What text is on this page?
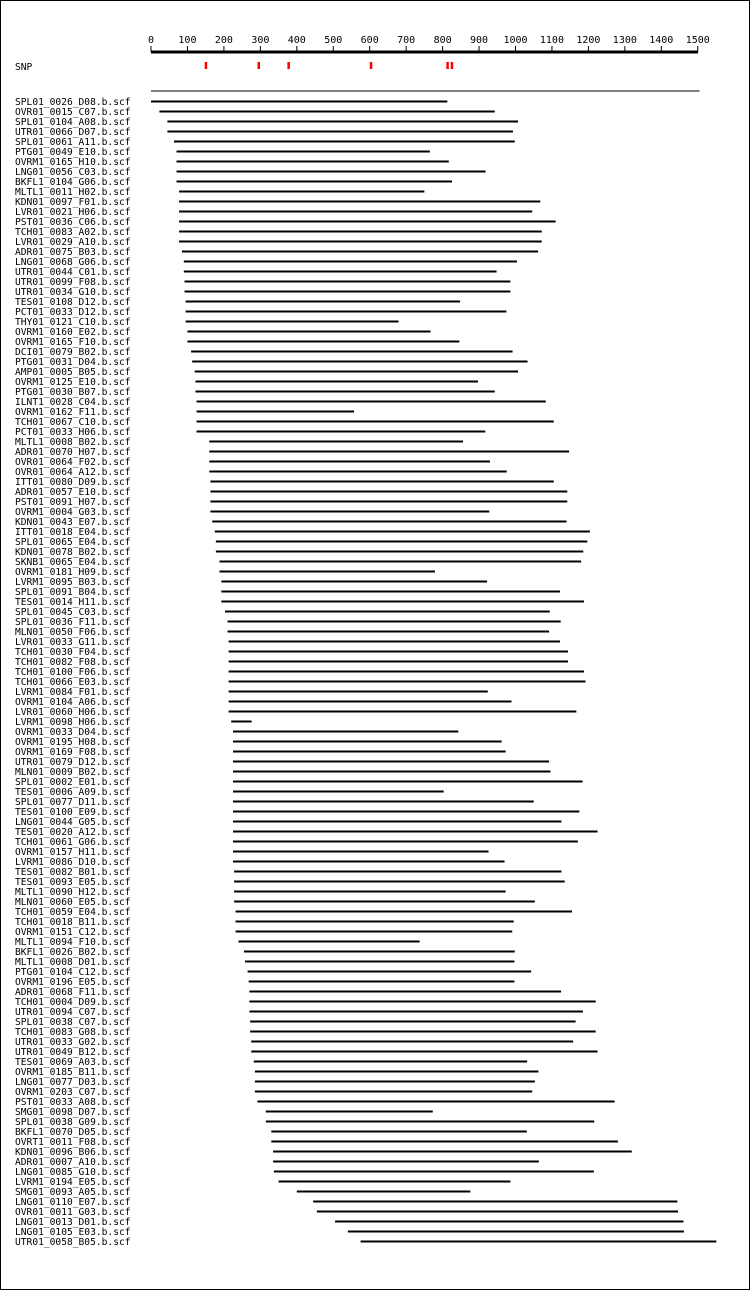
0 100 200 300 400 500 600 700 800 900 1000 1100 1200 1300 1400 1500
SNP
SPL01_0026_D08.b.scf
OVR01_0015_C07.b.scf
SPL01_0104_A08.b.scf
UTR01_0066_D07.b.scf
SPL01_0061_A11.b.scf
PTG01_0049_E10.b.scf
OVRM1_0165_H10.b.scf
LNG01_0056_C03.b.scf
BKFL1_0104_G06.b.scf
MLTL1_0011_H02.b.scf
KDN01_0097_F01.b.scf
LVR01_0021_H06.b.scf
PST01_0036_C06.b.scf
TCH01_0083_A02.b.scf
LVR01_0029_A10.b.scf
ADR01_0075_B03.b.scf
LNG01_0068_G06.b.scf
UTR01_0044_C01.b.scf
UTR01_0099_F08.b.scf
UTR01_0034_G10.b.scf
TES01_0108_D12.b.scf
PCT01_0033_D12.b.scf
THY01_0121_C10.b.scf
OVRM1_0160_E02.b.scf
OVRM1_0165_F10.b.scf
DCI01_0079_B02.b.scf
PTG01_0031_D04.b.scf
AMP01_0005_B05.b.scf
OVRM1_0125_E10.b.scf
PTG01_0030_B07.b.scf
ILNT1_0028_C04.b.scf
OVRM1_0162_F11.b.scf
TCH01_0067_C10.b.scf
PCT01_0033_H06.b.scf
MLTL1_0008_B02.b.scf
ADR01_0070_H07.b.scf
OVR01_0064_F02.b.scf
OVR01_0064_A12.b.scf
ITT01_0080_D09.b.scf
ADR01_0057_E10.b.scf
PST01_0091_H07.b.scf
OVRM1_0004_G03.b.scf
KDN01_0043_E07.b.scf
ITT01_0018_E04.b.scf
SPL01_0065_E04.b.scf
KDN01_0078_B02.b.scf
SKNB1_0065_E04.b.scf
OVRM1_0181_H09.b.scf
LVRM1_0095_B03.b.scf
SPL01_0091_B04.b.scf
TES01_0014_H11.b.scf
SPL01_0045_C03.b.scf
SPL01_0036_F11.b.scf
MLN01_0050_F06.b.scf
LVR01_0033_G11.b.scf
TCH01_0030_F04.b.scf
TCH01_0082_F08.b.scf
TCH01_0100_F06.b.scf
TCH01_0066_E03.b.scf
LVRM1_0084_F01.b.scf
OVRM1_0104_A06.b.scf
LVR01_0060_H06.b.scf
LVRM1_0098_H06.b.scf
OVRM1_0033_D04.b.scf
OVRM1_0195_H08.b.scf
OVRM1_0169_F08.b.scf
UTR01_0079_D12.b.scf
MLN01_0009_B02.b.scf
SPL01_0002_E01.b.scf
TES01_0006_A09.b.scf
SPL01_0077_D11.b.scf
TES01_0100_E09.b.scf
LNG01_0044_G05.b.scf
TES01_0020_A12.b.scf
TCH01_0061_G06.b.scf
OVRM1_0157_H11.b.scf
LVRM1_0086_D10.b.scf
TES01_0082_B01.b.scf
TES01_0093_E05.b.scf
MLTL1_0090_H12.b.scf
MLN01_0060_E05.b.scf
TCH01_0059_E04.b.scf
TCH01_0018_B11.b.scf
OVRM1_0151_C12.b.scf
MLTL1_0094_F10.b.scf
BKFL1_0026_B02.b.scf
MLTL1_0008_D01.b.scf
PTG01_0104_C12.b.scf
OVRM1_0196_E05.b.scf
ADR01_0068_F11.b.scf
TCH01_0004_D09.b.scf
UTR01_0094_C07.b.scf
SPL01_0038_C07.b.scf
TCH01_0083_G08.b.scf
UTR01_0033_G02.b.scf
UTR01_0049_B12.b.scf
TES01_0069_A03.b.scf
OVRM1_0185_B11.b.scf
LNG01_0077_D03.b.scf
OVRM1_0203_C07.b.scf
PST01_0033_A08.b.scf
SMG01_0098_D07.b.scf
SPL01_0038_G09.b.scf
BKFL1_0070_D05.b.scf
OVRT1_0011_F08.b.scf
KDN01_0096_B06.b.scf
ADR01_0007_A10.b.scf
LNG01_0085_G10.b.scf
LVRM1_0194_E05.b.scf
SMG01_0093_A05.b.scf
LNG01_0110_E07.b.scf
OVR01_0011_G03.b.scf
LNG01_0013_D01.b.scf
LNG01_0105_E03.b.scf
UTR01_0058_B05.b.scf
